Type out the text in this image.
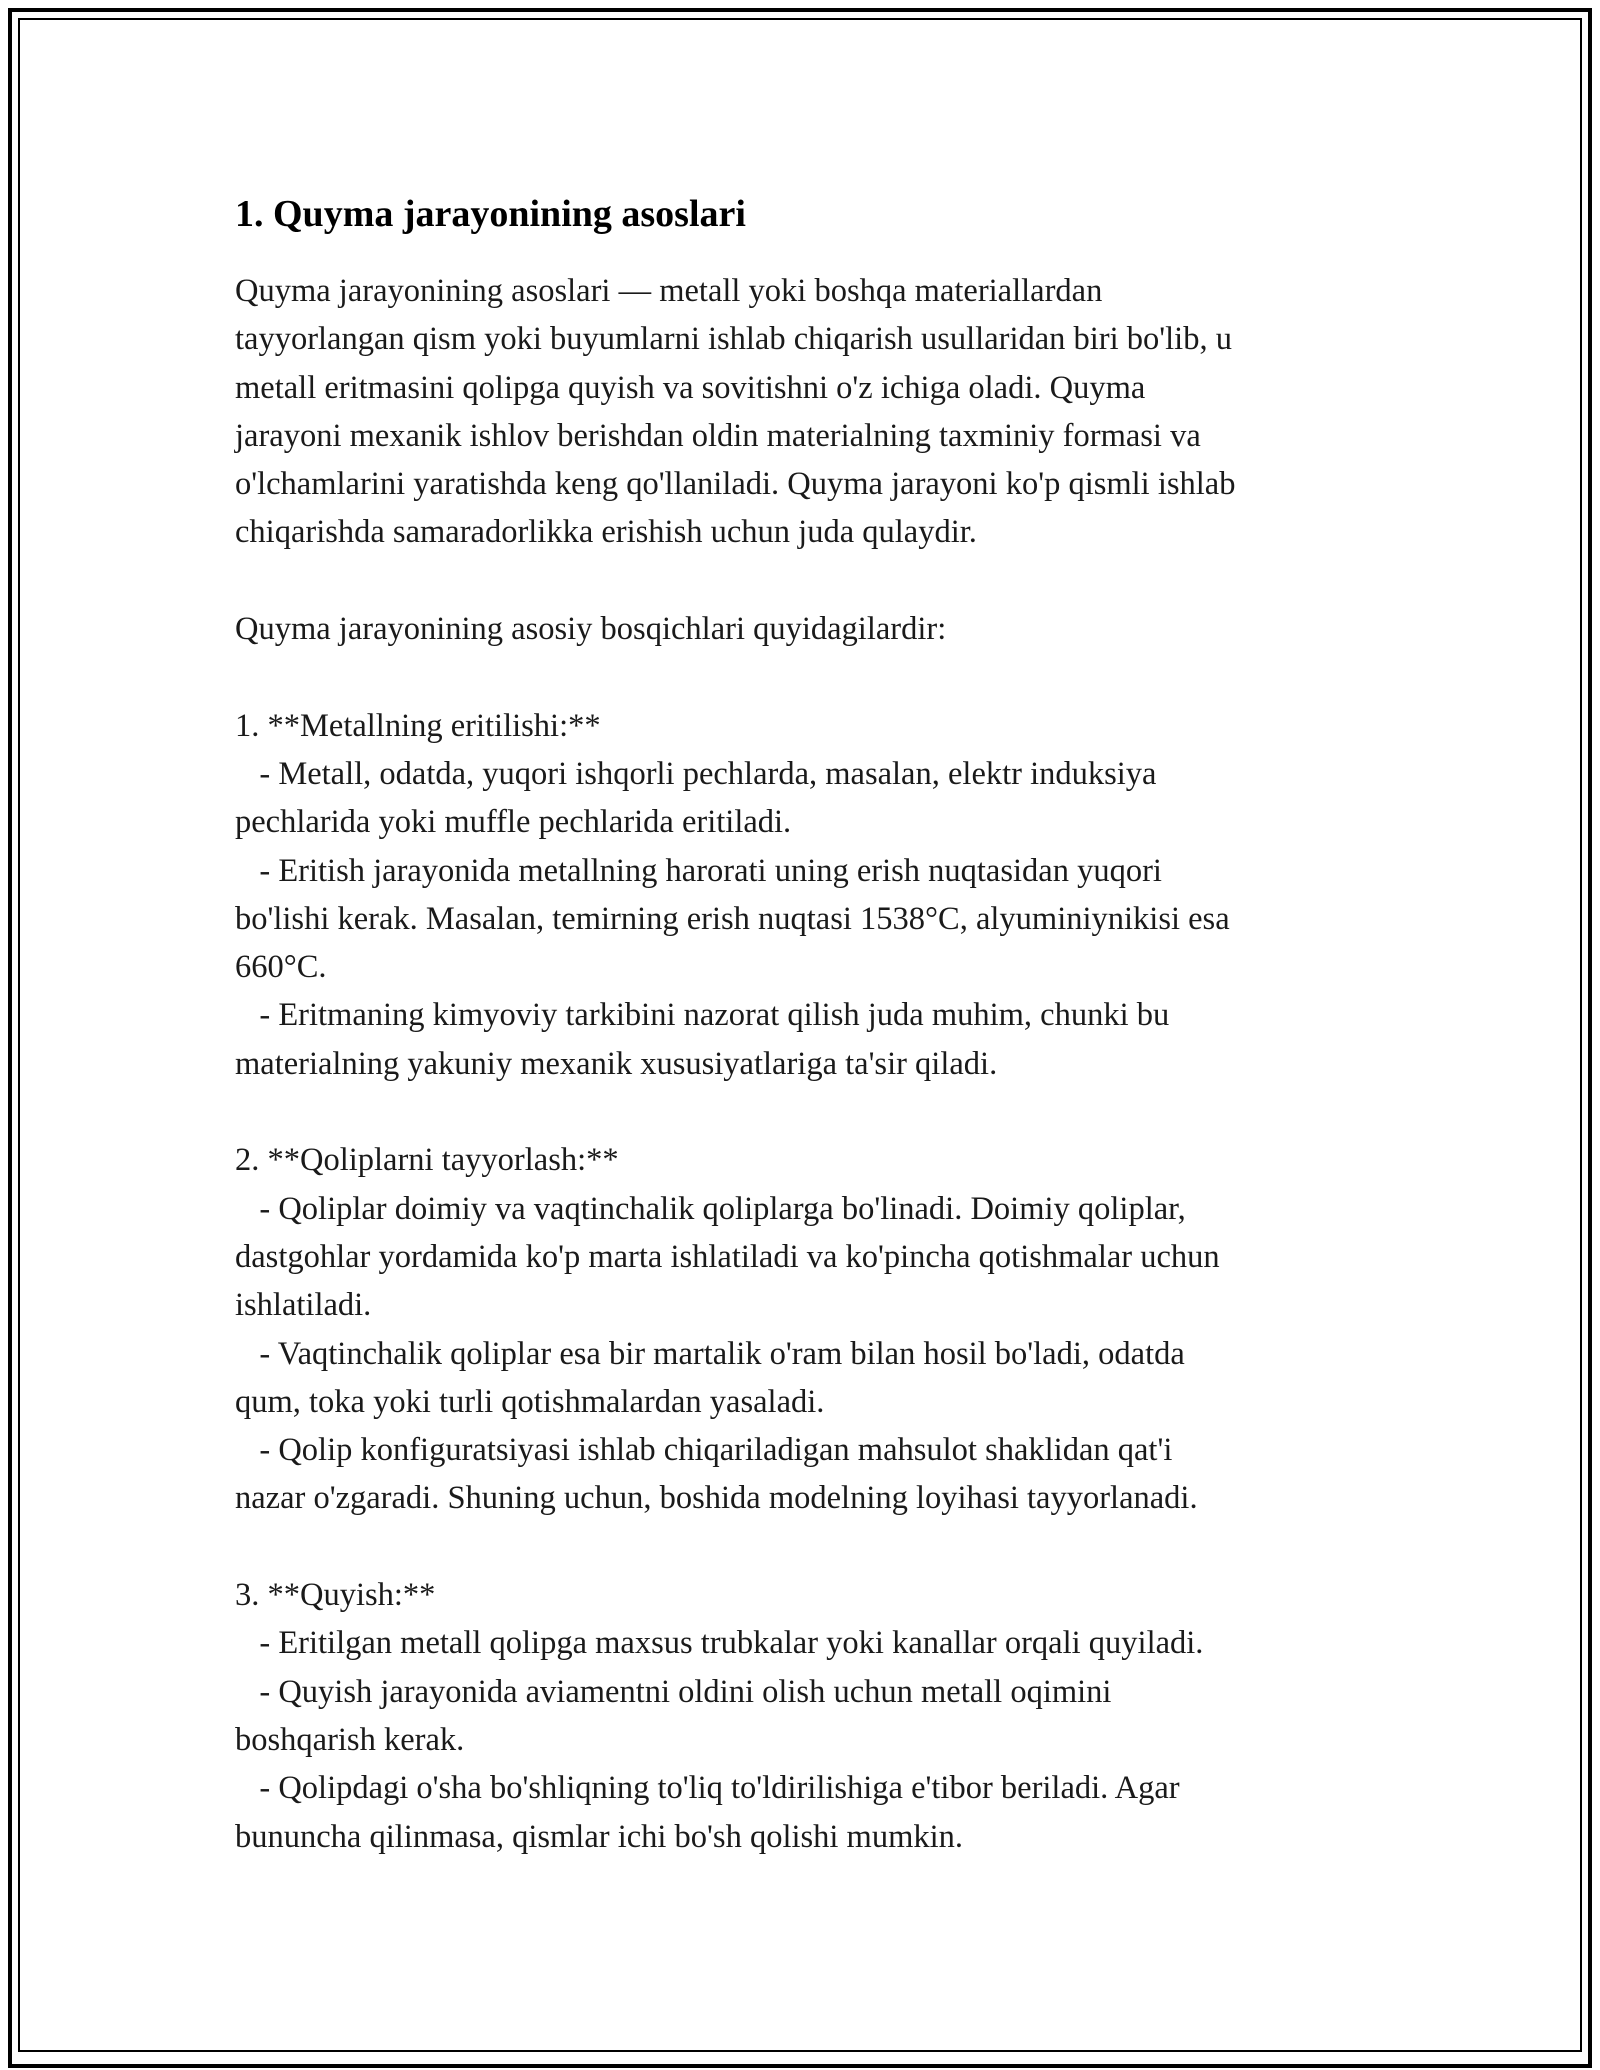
1. Quyma jarayonining asoslari
Quyma jarayonining asoslari — metall yoki boshqa materiallardan
tayyorlangan qism yoki buyumlarni ishlab chiqarish usullaridan biri bo'lib, u
metall eritmasini qolipga quyish va sovitishni o'z ichiga oladi. Quyma
jarayoni mexanik ishlov berishdan oldin materialning taxminiy formasi va
o'lchamlarini yaratishda keng qo'llaniladi. Quyma jarayoni ko'p qismli ishlab
chiqarishda samaradorlikka erishish uchun juda qulaydir.
Quyma jarayonining asosiy bosqichlari quyidagilardir:
1. **Metallning eritilishi:**
- Metall, odatda, yuqori ishqorli pechlarda, masalan, elektr induksiya
pechlarida yoki muffle pechlarida eritiladi.
- Eritish jarayonida metallning harorati uning erish nuqtasidan yuqori
bo'lishi kerak. Masalan, temirning erish nuqtasi 1538°C, alyuminiynikisi esa
660°C.
- Eritmaning kimyoviy tarkibini nazorat qilish juda muhim, chunki bu
materialning yakuniy mexanik xususiyatlariga ta'sir qiladi.
2. **Qoliplarni tayyorlash:**
- Qoliplar doimiy va vaqtinchalik qoliplarga bo'linadi. Doimiy qoliplar,
dastgohlar yordamida ko'p marta ishlatiladi va ko'pincha qotishmalar uchun
ishlatiladi.
- Vaqtinchalik qoliplar esa bir martalik o'ram bilan hosil bo'ladi, odatda
qum, toka yoki turli qotishmalardan yasaladi.
- Qolip konfiguratsiyasi ishlab chiqariladigan mahsulot shaklidan qat'i
nazar o'zgaradi. Shuning uchun, boshida modelning loyihasi tayyorlanadi.
3. **Quyish:**
- Eritilgan metall qolipga maxsus trubkalar yoki kanallar orqali quyiladi.
- Quyish jarayonida aviamentni oldini olish uchun metall oqimini
boshqarish kerak.
- Qolipdagi o'sha bo'shliqning to'liq to'ldirilishiga e'tibor beriladi. Agar
bununcha qilinmasa, qismlar ichi bo'sh qolishi mumkin.
